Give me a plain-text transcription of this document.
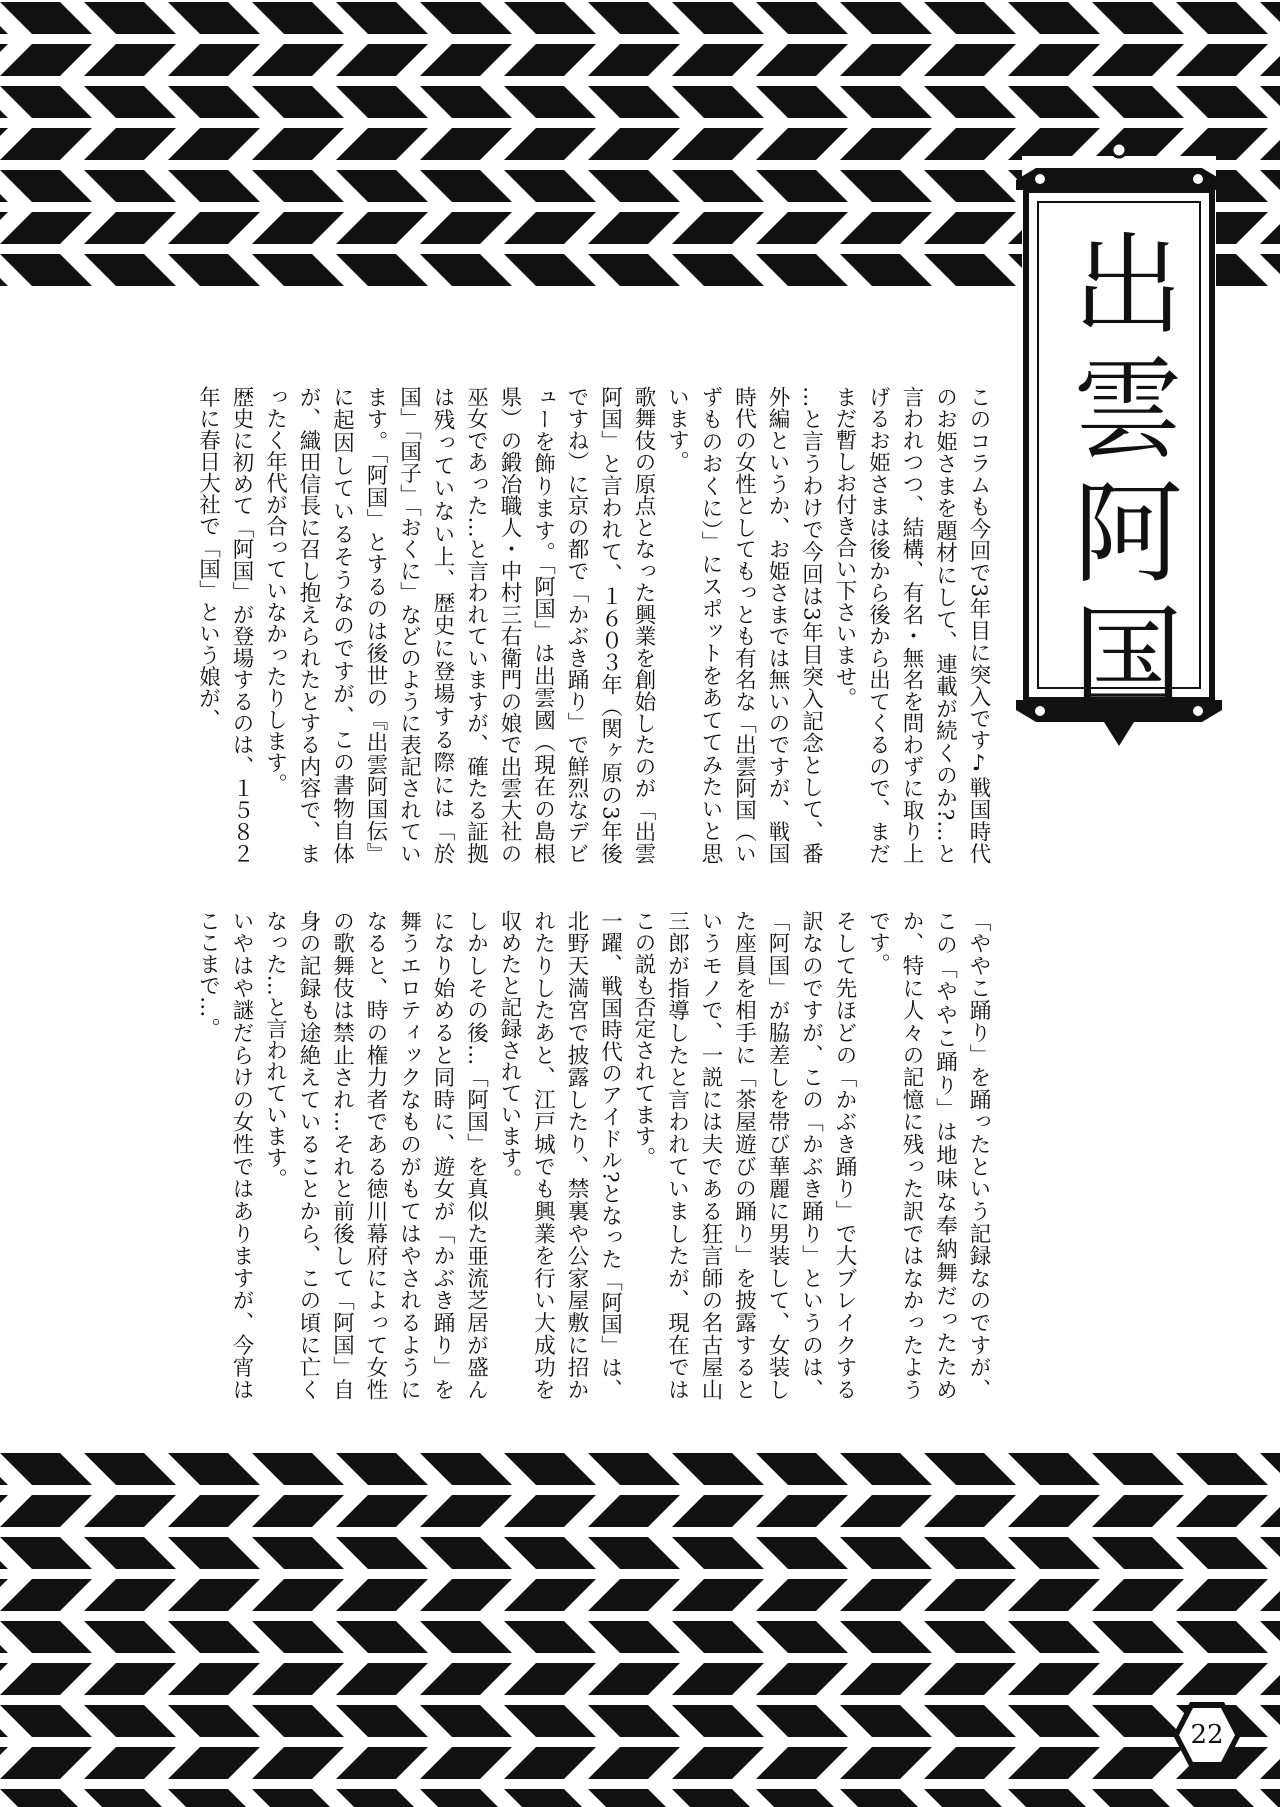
出雲阿国

このコラムも今回で3年目に突入です♪戦国時代のお姫さまを題材にして、連載が続くのか?…と言われつつ、結構、有名・無名を問わずに取り上げるお姫さまは後から後から出てくるので、まだまだ暫しお付き合い下さいませ。

…と言うわけで今回は3年目突入記念として、番外編というか、お姫さまでは無いのですが、戦国時代の女性としてもっとも有名な「出雲阿国（いずものおくに）」にスポットをあててみたいと思います。

歌舞伎の原点となった興業を創始したのが「出雲阿国」と言われて、１６０３年（関ヶ原の3年後ですね）に京の都で「かぶき踊り」で鮮烈なデビューを飾ります。「阿国」は出雲國（現在の島根県）の鍛冶職人・中村三右衛門の娘で出雲大社の巫女であった…と言われていますが、確たる証拠は残っていない上、歴史に登場する際には「於国」「国子」「おくに」などのように表記されています。「阿国」とするのは後世の『出雲阿国伝』に起因しているそうなのですが、この書物自体が、織田信長に召し抱えられたとする内容で、まったく年代が合っていなかったりします。

歴史に初めて「阿国」が登場するのは、１５８２年に春日大社で「国」という娘が、

「ややこ踊り」を踊ったという記録なのですが、この「ややこ踊り」は地味な奉納舞だったためか、特に人々の記憶に残った訳ではなかったようです。

そして先ほどの「かぶき踊り」で大ブレイクする訳なのですが、この「かぶき踊り」というのは、「阿国」が脇差しを帯び華麗に男装して、女装した座員を相手に「茶屋遊びの踊り」を披露するというモノで、一説には夫である狂言師の名古屋山三郎が指導したと言われていましたが、現在ではこの説も否定されてます。

一躍、戦国時代のアイドル?となった「阿国」は、北野天満宮で披露したり、禁裏や公家屋敷に招かれたりしたあと、江戸城でも興業を行い大成功を収めたと記録されています。

しかしその後…「阿国」を真似た亜流芝居が盛んになり始めると同時に、遊女が「かぶき踊り」を舞うエロティックなものがもてはやされるようになると、時の権力者である徳川幕府によって女性の歌舞伎は禁止され…それと前後して「阿国」自身の記録も途絶えていることから、この頃に亡くなった…と言われています。

いやはや謎だらけの女性ではありますが、今宵はここまで…。

22
